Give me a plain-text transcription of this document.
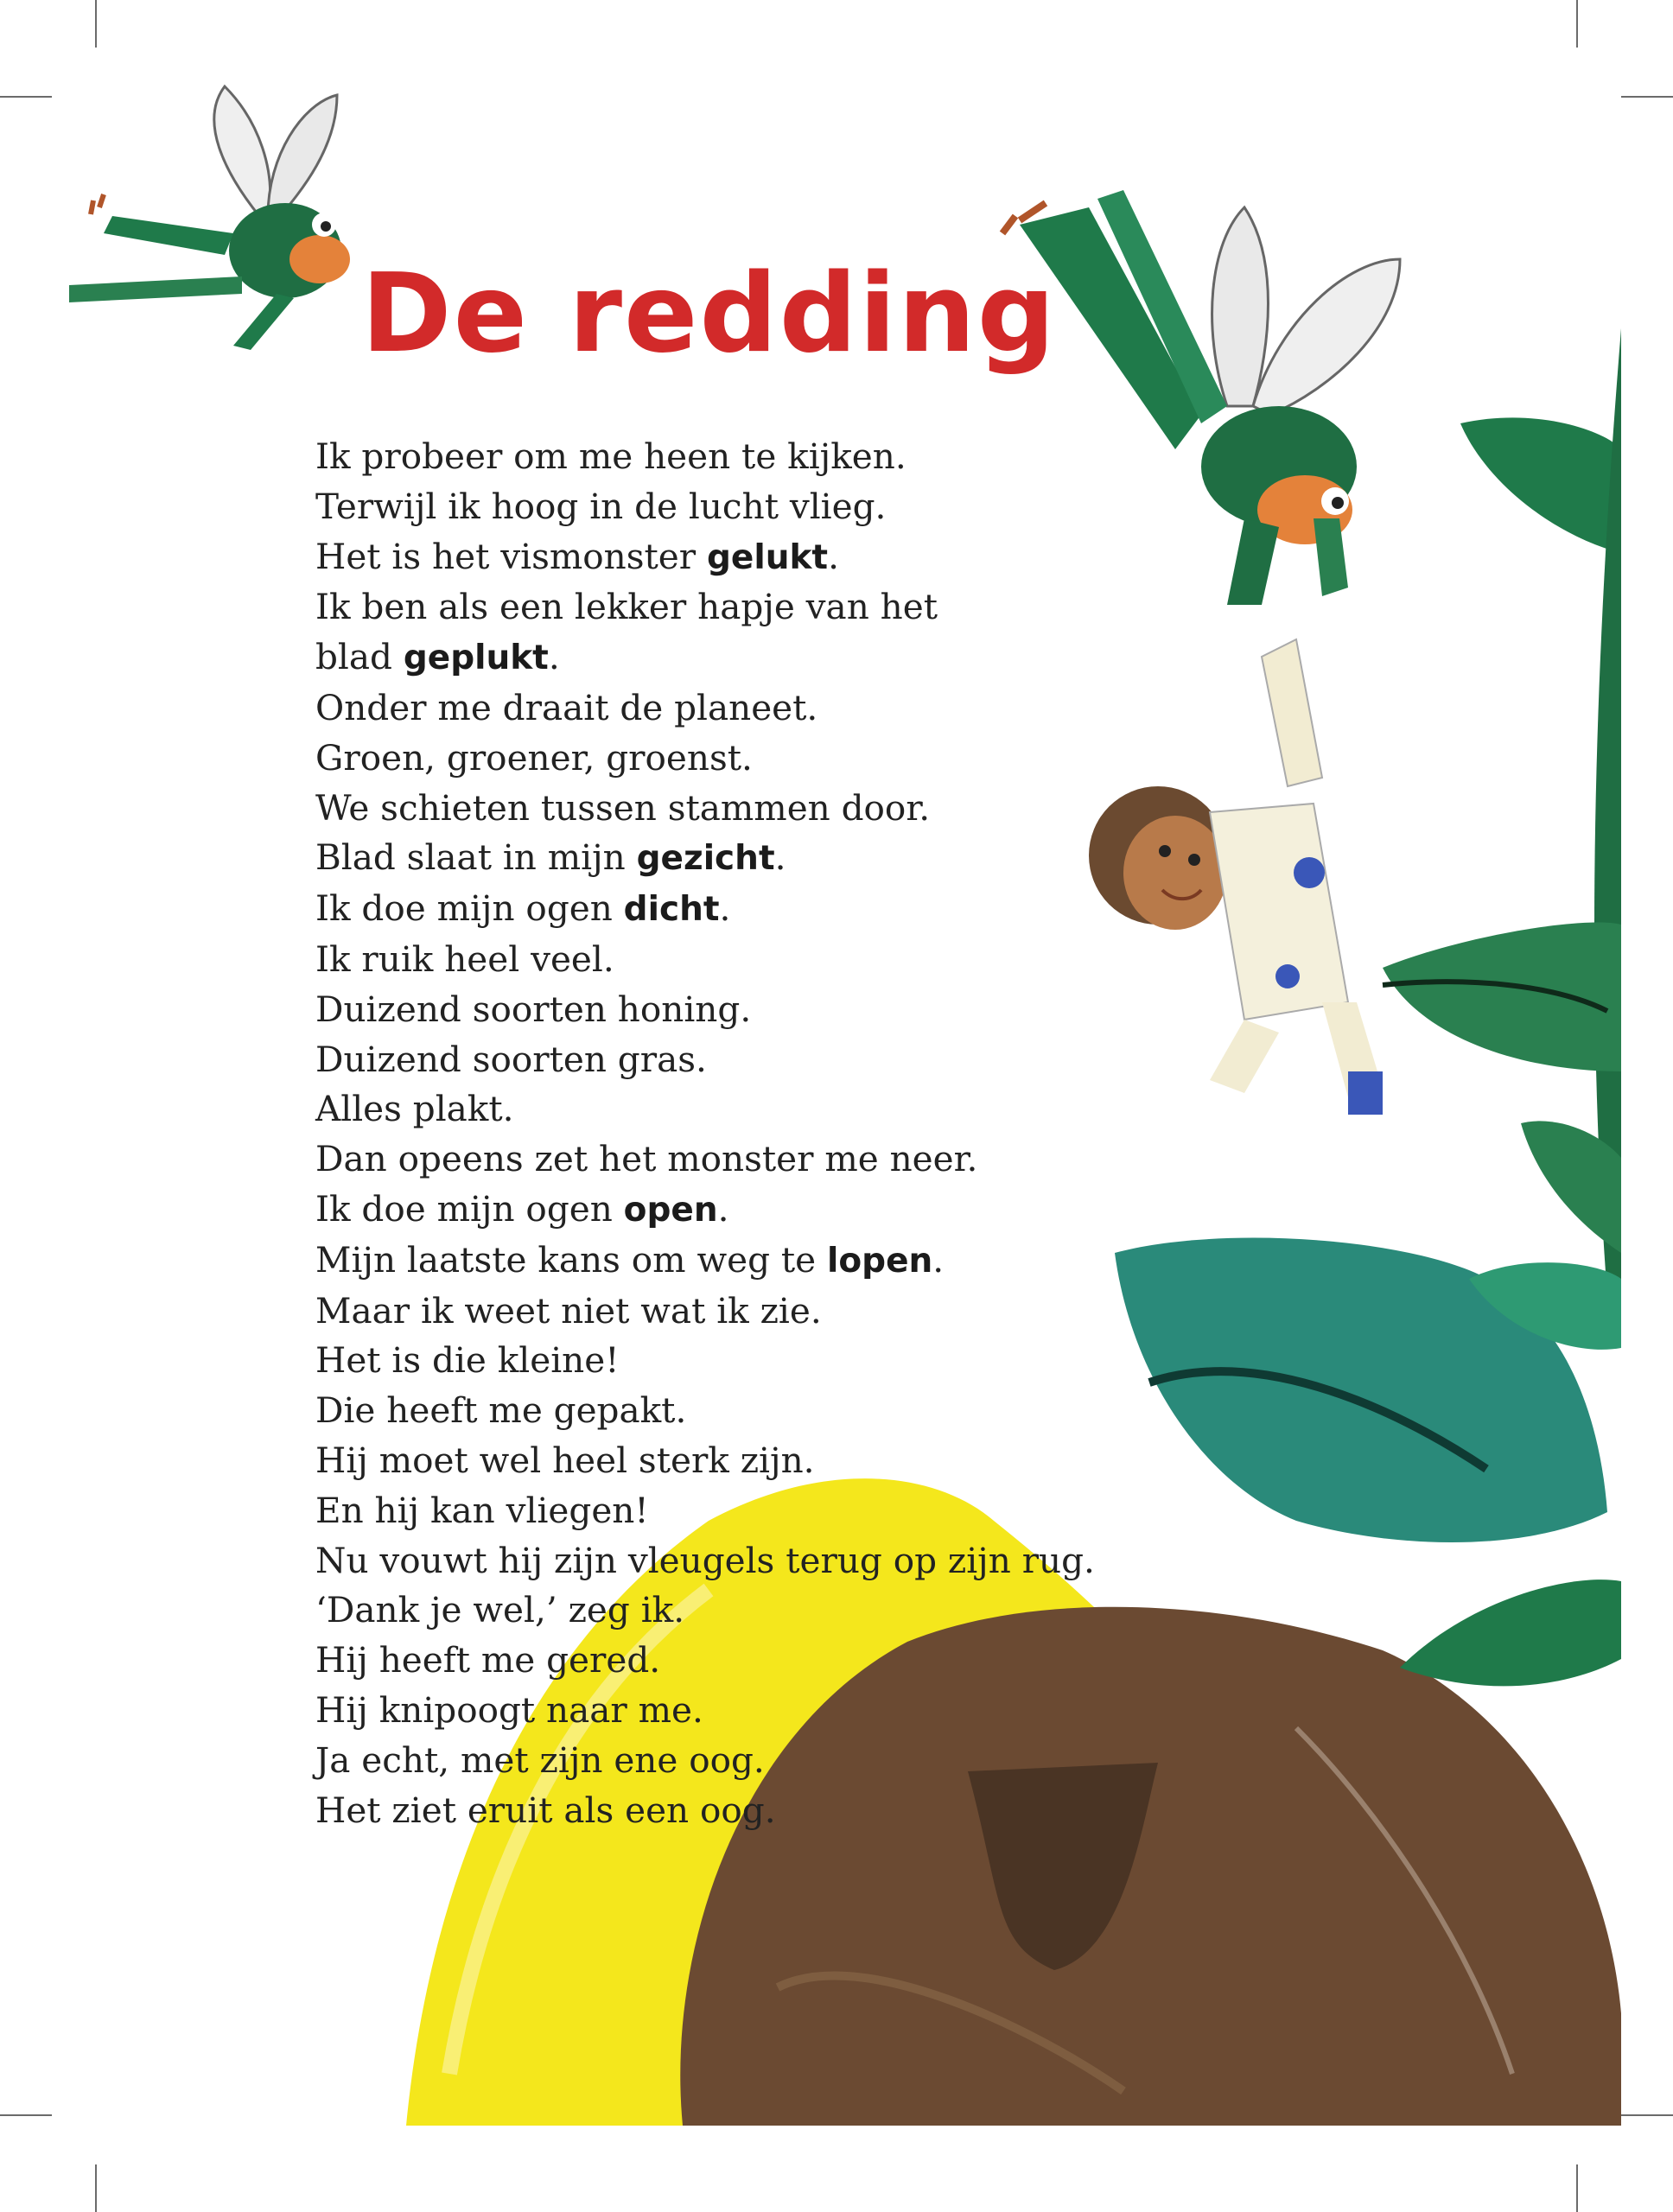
De redding
Ik probeer om me heen te kijken.
Terwijl ik hoog in de lucht vlieg.
Het is het vismonster gelukt.
Ik ben als een lekker hapje van het
blad geplukt.
Onder me draait de planeet.
Groen, groener, groenst.
We schieten tussen stammen door.
Blad slaat in mijn gezicht.
Ik doe mijn ogen dicht.
Ik ruik heel veel.
Duizend soorten honing.
Duizend soorten gras.
Alles plakt.
Dan opeens zet het monster me neer.
Ik doe mijn ogen open.
Mijn laatste kans om weg te lopen.
Maar ik weet niet wat ik zie.
Het is die kleine!
Die heeft me gepakt.
Hij moet wel heel sterk zijn.
En hij kan vliegen!
Nu vouwt hij zijn vleugels terug op zijn rug.
‘Dank je wel,’ zeg ik.
Hij heeft me gered.
Hij knipoogt naar me.
Ja echt, met zijn ene oog.
Het ziet eruit als een oog.
